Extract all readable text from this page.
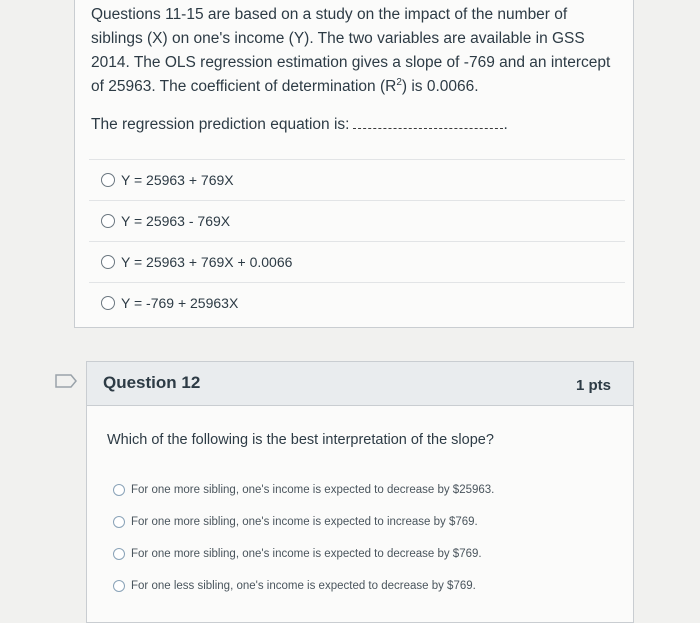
Questions 11-15 are based on a study on the impact of the number of siblings (X) on one's income (Y). The two variables are available in GSS 2014. The OLS regression estimation gives a slope of -769 and an intercept of 25963. The coefficient of determination $(R^2)$ is 0.0066.

The regression prediction equation is:	.

Y = 25963 + 769X
Y = 25963 - 769X
Y = 25963 + 769X + 0.0066
Y = -769 + 25963X
Question 12	1 pts

Which of the following is the best interpretation of the slope?

For one more sibling, one's income is expected to decrease by $25963.
For one more sibling, one's income is expected to increase by $769.
For one more sibling, one's income is expected to decrease by $769.
For one less sibling, one's income is expected to decrease by $769.
